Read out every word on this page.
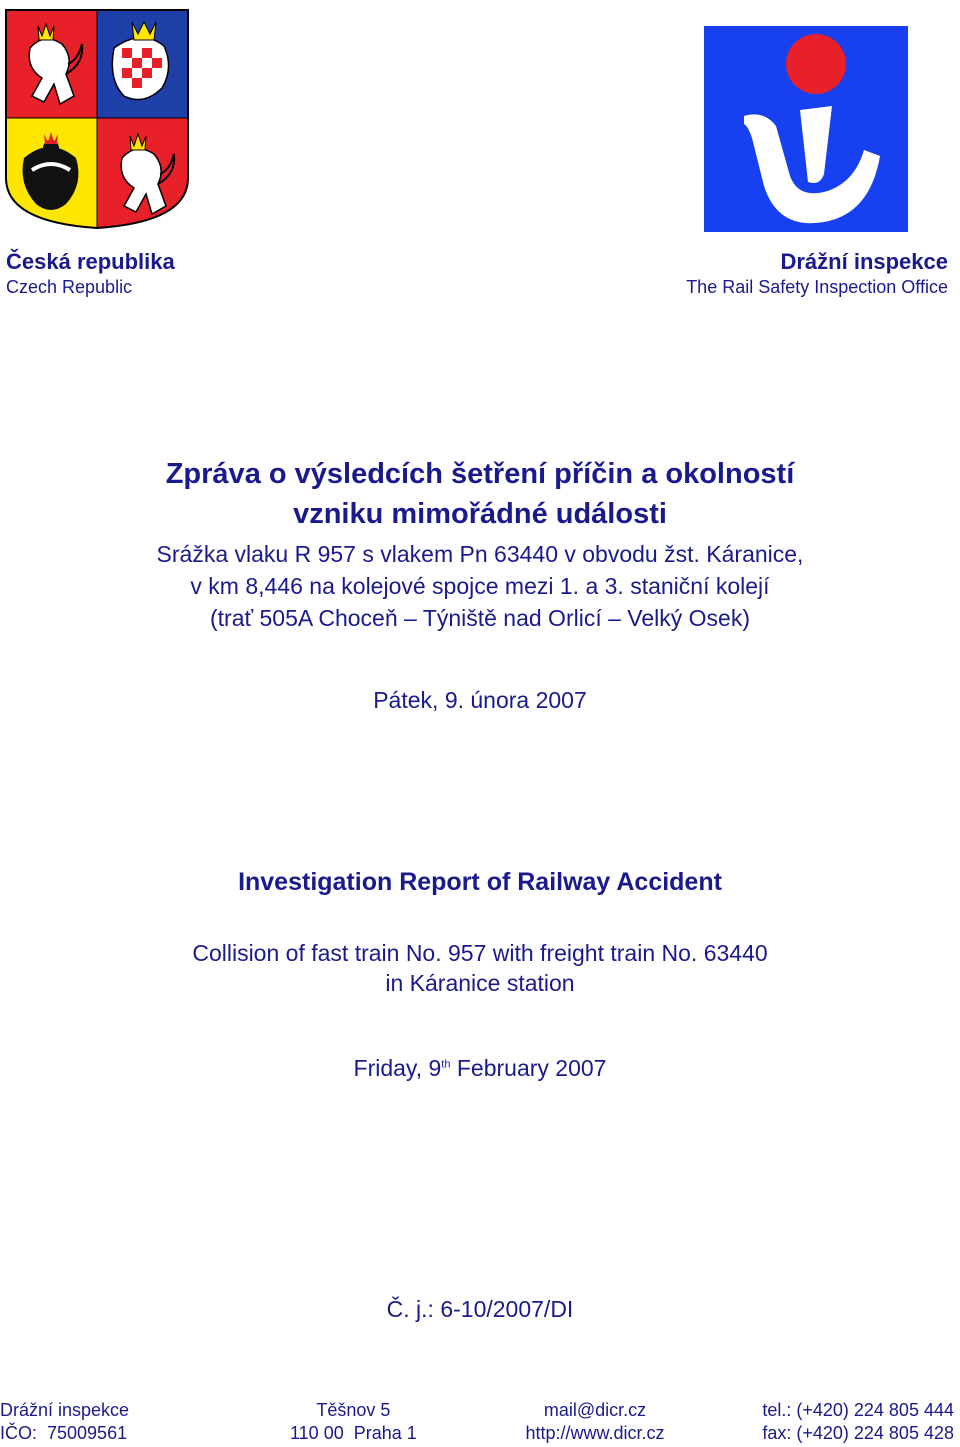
Česká republika
Czech Republic
Drážní inspekce
The Rail Safety Inspection Office
Zpráva o výsledcích šetření příčin a okolností
vzniku mimořádné události
Srážka vlaku R 957 s vlakem Pn 63440 v obvodu žst. Káranice,
v km 8,446 na kolejové spojce mezi 1. a 3. staniční kolejí
(trať 505A Choceň – Týniště nad Orlicí – Velký Osek)
Pátek, 9. února 2007
Investigation Report of Railway Accident
Collision of fast train No. 957 with freight train No. 63440
in Káranice station
Friday, 9th February 2007
Č. j.: 6-10/2007/DI
Drážní inspekce
IČO:  75009561
Těšnov 5
110 00  Praha 1
mail@dicr.cz
http://www.dicr.cz
tel.: (+420) 224 805 444
fax: (+420) 224 805 428
